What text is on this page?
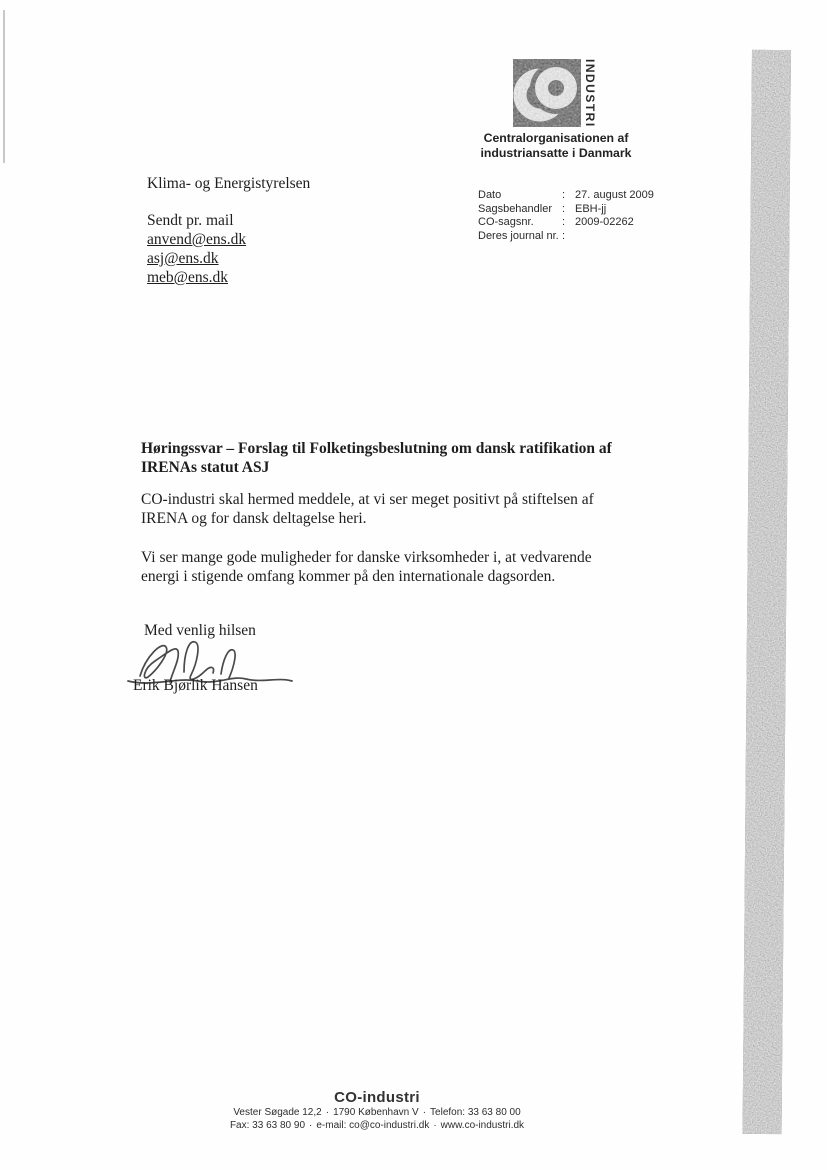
INDUSTRI
Centralorganisationen af
industriansatte i Danmark
Klima- og Energistyrelsen
Sendt pr. mail
anvend@ens.dk
asj@ens.dk
meb@ens.dk
Dato	: 27. august 2009
Sagsbehandler : EBH-jj
CO-sagsnr.	: 2009-02262
Deres journal nr. :
Høringssvar – Forslag til Folketingsbeslutning om dansk ratifikation af
IRENAs statut ASJ
CO-industri skal hermed meddele, at vi ser meget positivt på stiftelsen af
IRENA og for dansk deltagelse heri.
Vi ser mange gode muligheder for danske virksomheder i, at vedvarende
energi i stigende omfang kommer på den internationale dagsorden.
Med venlig hilsen
Erik Bjørlik Hansen
CO-industri
Vester Søgade 12,2 · 1790 København V · Telefon: 33 63 80 00
Fax: 33 63 80 90 · e-mail: co@co-industri.dk · www.co-industri.dk
